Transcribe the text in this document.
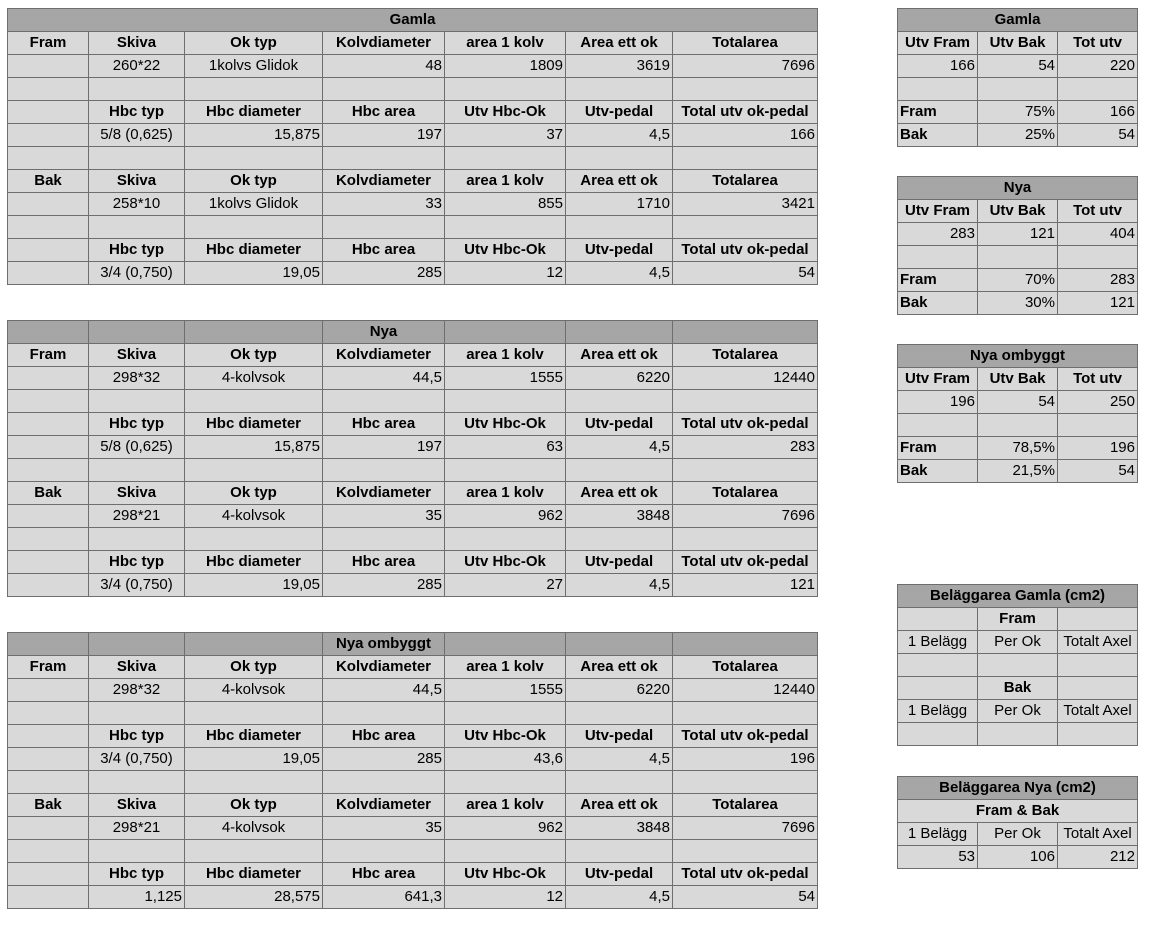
Gamla						
Fram	Skiva	Ok typ	Kolvdiameter	area 1 kolv	Area ett ok	Totalarea
	260*22	1kolvs Glidok	48	1809	3619	7696

	Hbc typ	Hbc diameter	Hbc area	Utv Hbc-Ok	Utv-pedal	Total utv ok-pedal
	5/8 (0,625)	15,875	197	37	4,5	166

Bak	Skiva	Ok typ	Kolvdiameter	area 1 kolv	Area ett ok	Totalarea
	258*10	1kolvs Glidok	33	855	1710	3421

	Hbc typ	Hbc diameter	Hbc area	Utv Hbc-Ok	Utv-pedal	Total utv ok-pedal
	3/4 (0,750)	19,05	285	12	4,5	54
			Nya			
Fram	Skiva	Ok typ	Kolvdiameter	area 1 kolv	Area ett ok	Totalarea
	298*32	4-kolvsok	44,5	1555	6220	12440

	Hbc typ	Hbc diameter	Hbc area	Utv Hbc-Ok	Utv-pedal	Total utv ok-pedal
	5/8 (0,625)	15,875	197	63	4,5	283

Bak	Skiva	Ok typ	Kolvdiameter	area 1 kolv	Area ett ok	Totalarea
	298*21	4-kolvsok	35	962	3848	7696

	Hbc typ	Hbc diameter	Hbc area	Utv Hbc-Ok	Utv-pedal	Total utv ok-pedal
	3/4 (0,750)	19,05	285	27	4,5	121
			Nya ombyggt			
Fram	Skiva	Ok typ	Kolvdiameter	area 1 kolv	Area ett ok	Totalarea
	298*32	4-kolvsok	44,5	1555	6220	12440

	Hbc typ	Hbc diameter	Hbc area	Utv Hbc-Ok	Utv-pedal	Total utv ok-pedal
	3/4 (0,750)	19,05	285	43,6	4,5	196

Bak	Skiva	Ok typ	Kolvdiameter	area 1 kolv	Area ett ok	Totalarea
	298*21	4-kolvsok	35	962	3848	7696

	Hbc typ	Hbc diameter	Hbc area	Utv Hbc-Ok	Utv-pedal	Total utv ok-pedal
	1,125	28,575	641,3	12	4,5	54
Gamla		
Utv Fram	Utv Bak	Tot utv
166	54	220

Fram	75%	166
Bak	25%	54
Nya		
Utv Fram	Utv Bak	Tot utv
283	121	404

Fram	70%	283
Bak	30%	121
Nya ombyggt		
Utv Fram	Utv Bak	Tot utv
196	54	250

Fram	78,5%	196
Bak	21,5%	54
Beläggarea Gamla (cm2)		
	Fram	
1 Belägg	Per Ok	Totalt Axel

	Bak	
1 Belägg	Per Ok	Totalt Axel

Beläggarea Nya (cm2)		
Fram & Bak		
1 Belägg	Per Ok	Totalt Axel
53	106	212
